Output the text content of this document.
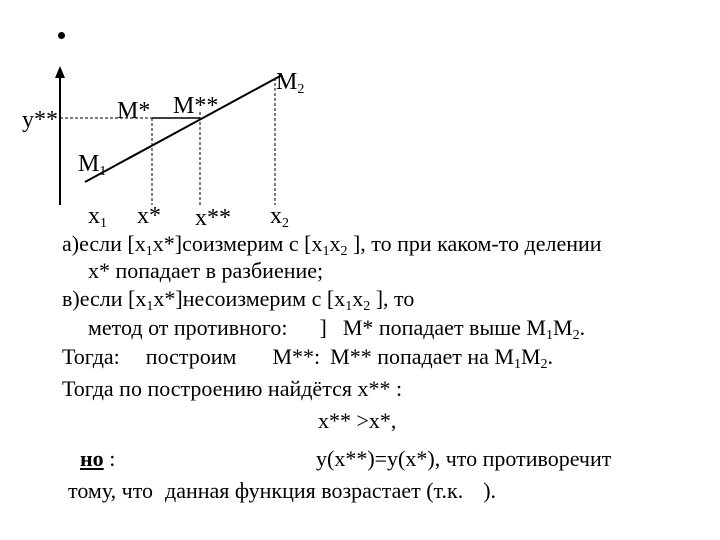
y** M* M**
$M_2$
$M_1$
$x_1$ x* x** $x_2$
а)если $[x_1x*]соизмерим$ с [$x_1x_2$ ], то при каком-то делении
x* попадает в разбиение;
в)если $[x_1x*]несоизмерим$ с [$x_1x_2$ ], то
метод от противного: ] M* попадает выше $M_1M_2$.
Тогда: построим M**: M** попадает на $M_1M_2$.
Тогда по построению найдётся x** :
x** >x*,
но :	y(x**)=y(x*), что противоречит
тому, что данная функция возрастает (т.к. ).
